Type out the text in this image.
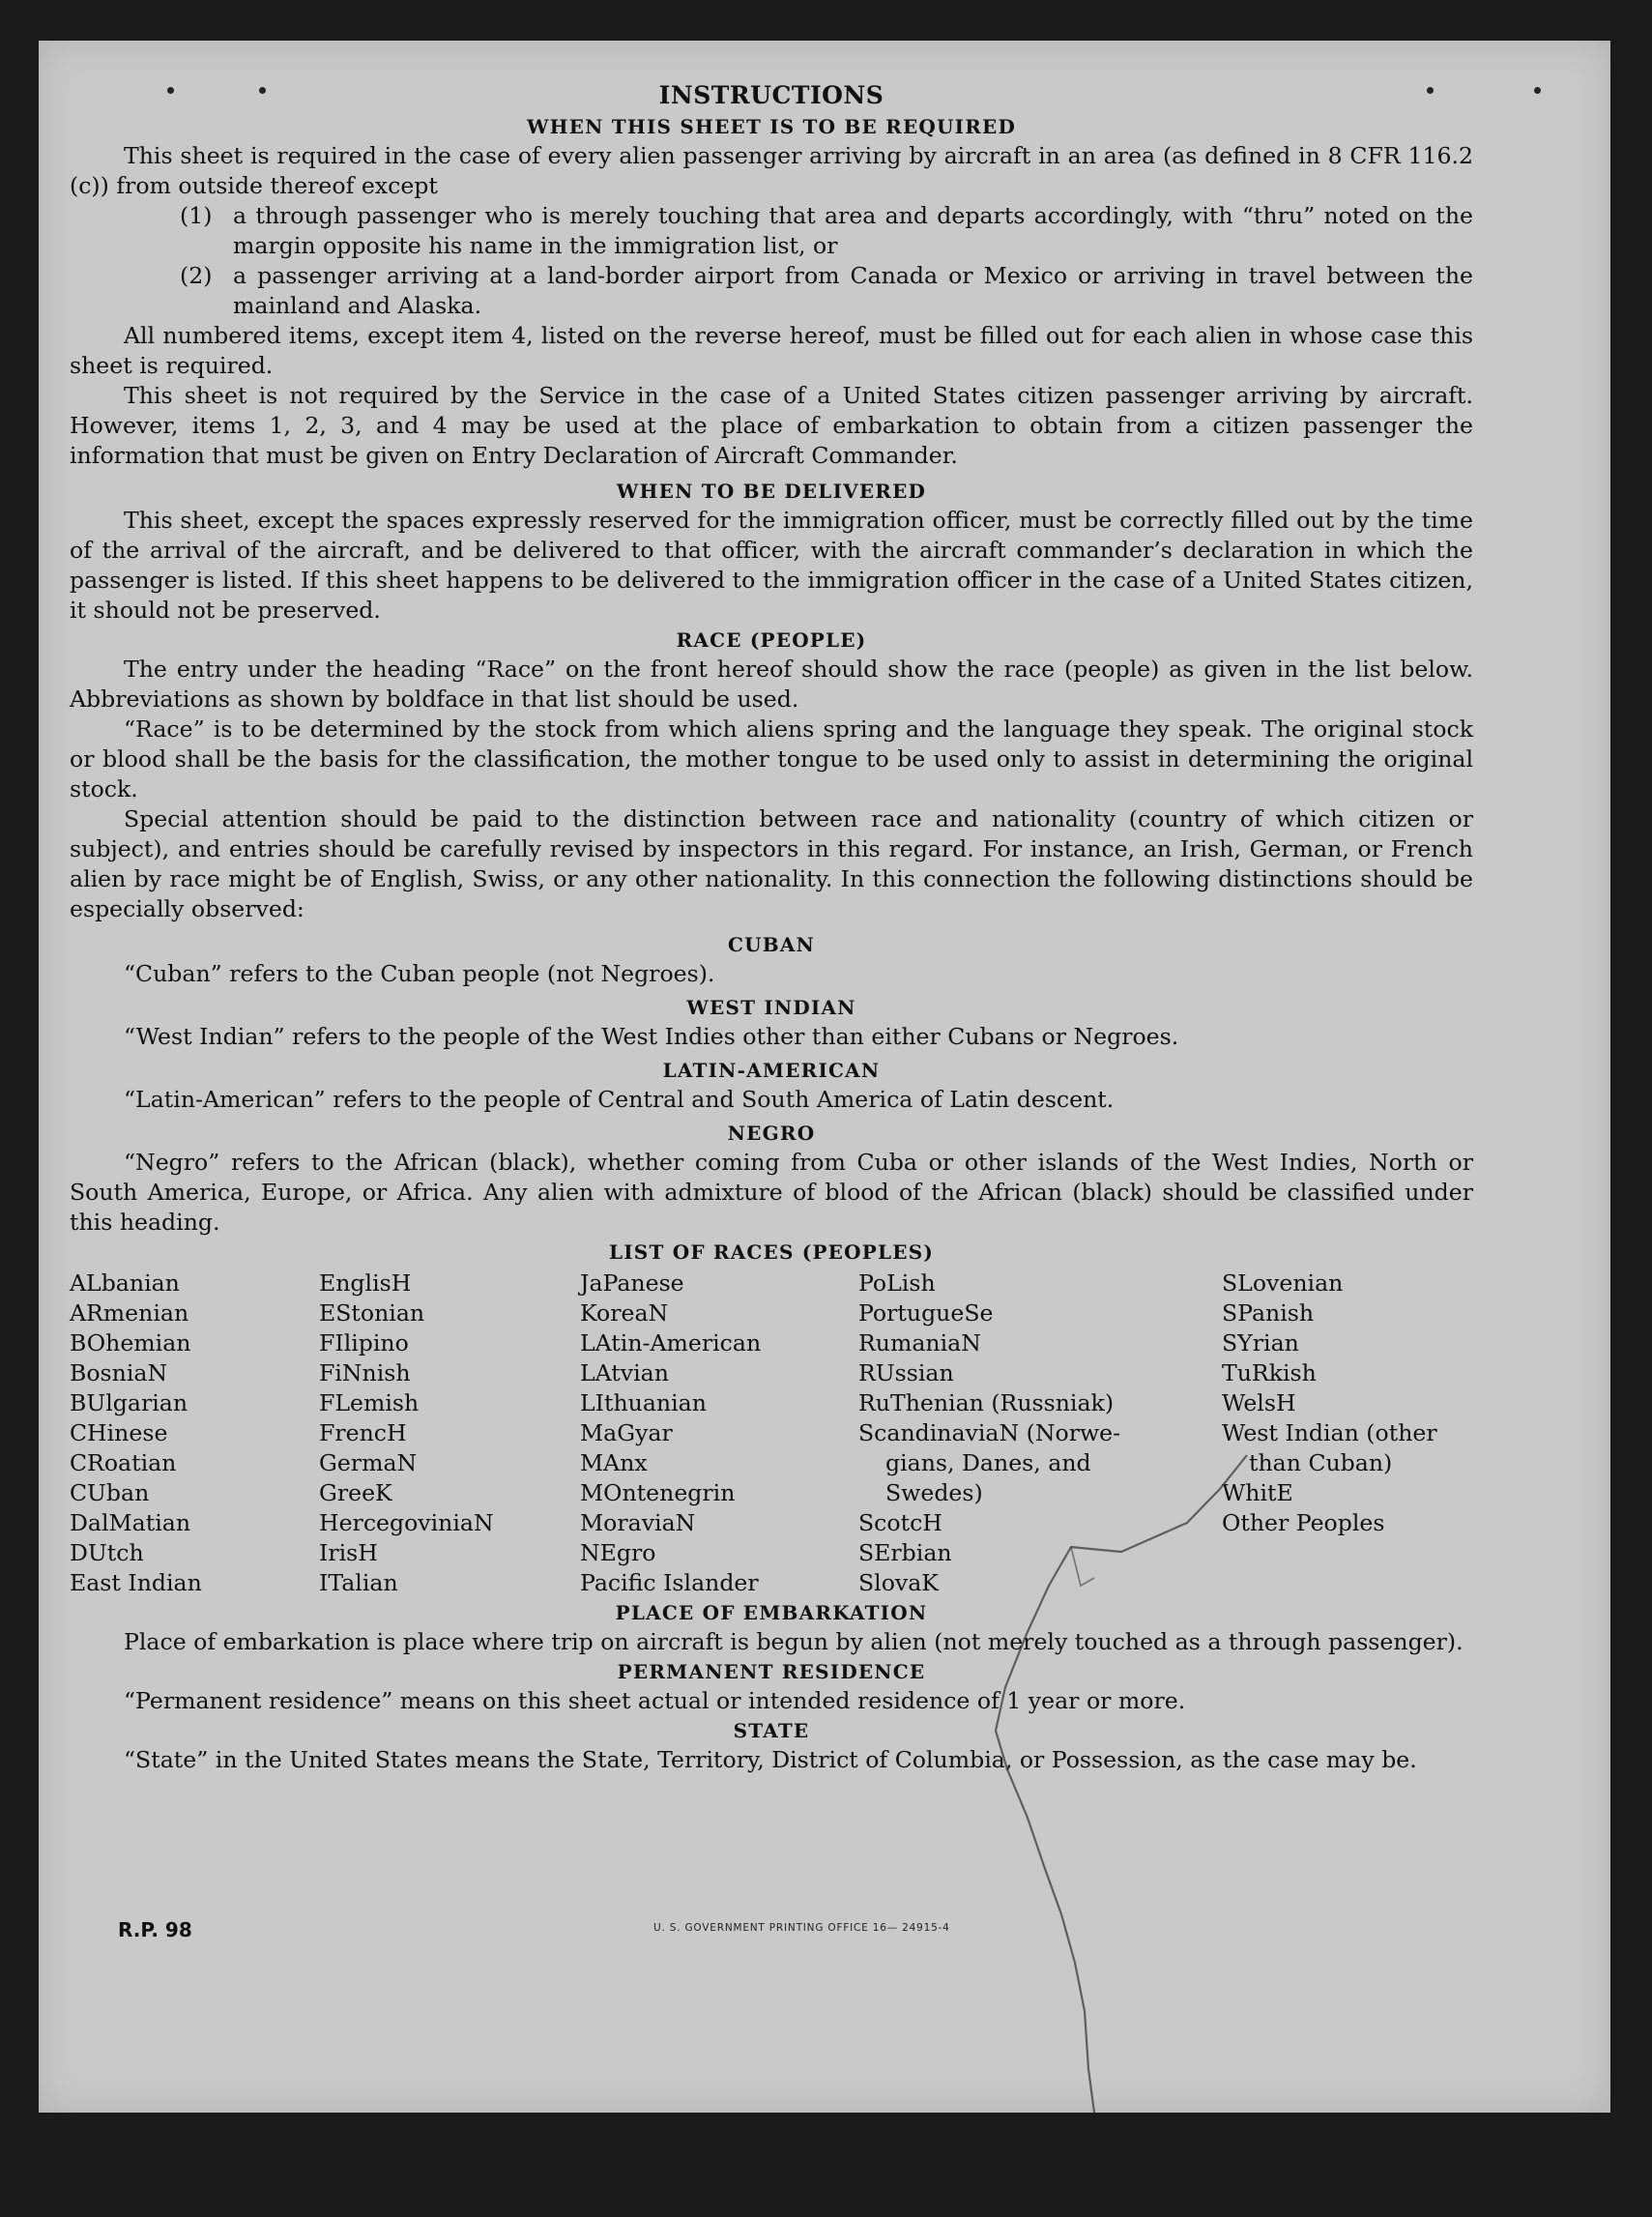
INSTRUCTIONS
WHEN THIS SHEET IS TO BE REQUIRED

This sheet is required in the case of every alien passenger arriving by aircraft in an area (as defined in 8 CFR 116.2 (c)) from outside thereof except

(1) a through passenger who is merely touching that area and departs accordingly, with “thru” noted on the margin opposite his name in the immigration list, or
(2) a passenger arriving at a land-border airport from Canada or Mexico or arriving in travel between the mainland and Alaska.

All numbered items, except item 4, listed on the reverse hereof, must be filled out for each alien in whose case this sheet is required.

This sheet is not required by the Service in the case of a United States citizen passenger arriving by aircraft. However, items 1, 2, 3, and 4 may be used at the place of embarkation to obtain from a citizen passenger the information that must be given on Entry Declaration of Aircraft Commander.

WHEN TO BE DELIVERED

This sheet, except the spaces expressly reserved for the immigration officer, must be correctly filled out by the time of the arrival of the aircraft, and be delivered to that officer, with the aircraft commander’s declaration in which the passenger is listed. If this sheet happens to be delivered to the immigration officer in the case of a United States citizen, it should not be preserved.

RACE (PEOPLE)

The entry under the heading “Race” on the front hereof should show the race (people) as given in the list below. Abbreviations as shown by boldface in that list should be used.

“Race” is to be determined by the stock from which aliens spring and the language they speak. The original stock or blood shall be the basis for the classification, the mother tongue to be used only to assist in determining the original stock.

Special attention should be paid to the distinction between race and nationality (country of which citizen or subject), and entries should be carefully revised by inspectors in this regard. For instance, an Irish, German, or French alien by race might be of English, Swiss, or any other nationality. In this connection the following distinctions should be especially observed:

CUBAN

“Cuban” refers to the Cuban people (not Negroes).

WEST INDIAN

“West Indian” refers to the people of the West Indies other than either Cubans or Negroes.

LATIN-AMERICAN

“Latin-American” refers to the people of Central and South America of Latin descent.

NEGRO

“Negro” refers to the African (black), whether coming from Cuba or other islands of the West Indies, North or South America, Europe, or Africa. Any alien with admixture of blood of the African (black) should be classified under this heading.

LIST OF RACES (PEOPLES)
ALbanian
ARmenian
BOhemian
BosniaN
BUlgarian
CHinese
CRoatian
CUban
DalMatian
DUtch
East Indian
EnglisH
EStonian
FIlipino
FiNnish
FLemish
FrencH
GermaN
GreeK
HercegoviniaN
IrisH
ITalian
JaPanese
KoreaN
LAtin-American
LAtvian
LIthuanian
MaGyar
MAnx
MOntenegrin
MoraviaN
NEgro
Pacific Islander
PoLish
PortugueSe
RumaniaN
RUssian
RuThenian (Russniak)
ScandinaviaN (Norwe-
gians, Danes, and
Swedes)
ScotcH
SErbian
SlovaK
SLovenian
SPanish
SYrian
TuRkish
WelsH
West Indian (other
than Cuban)
WhitE
Other Peoples
PLACE OF EMBARKATION

Place of embarkation is place where trip on aircraft is begun by alien (not merely touched as a through passenger).

PERMANENT RESIDENCE

“Permanent residence” means on this sheet actual or intended residence of 1 year or more.

STATE

“State” in the United States means the State, Territory, District of Columbia, or Possession, as the case may be.

R.P. 98	U. S. GOVERNMENT PRINTING OFFICE 16— 24915-4
